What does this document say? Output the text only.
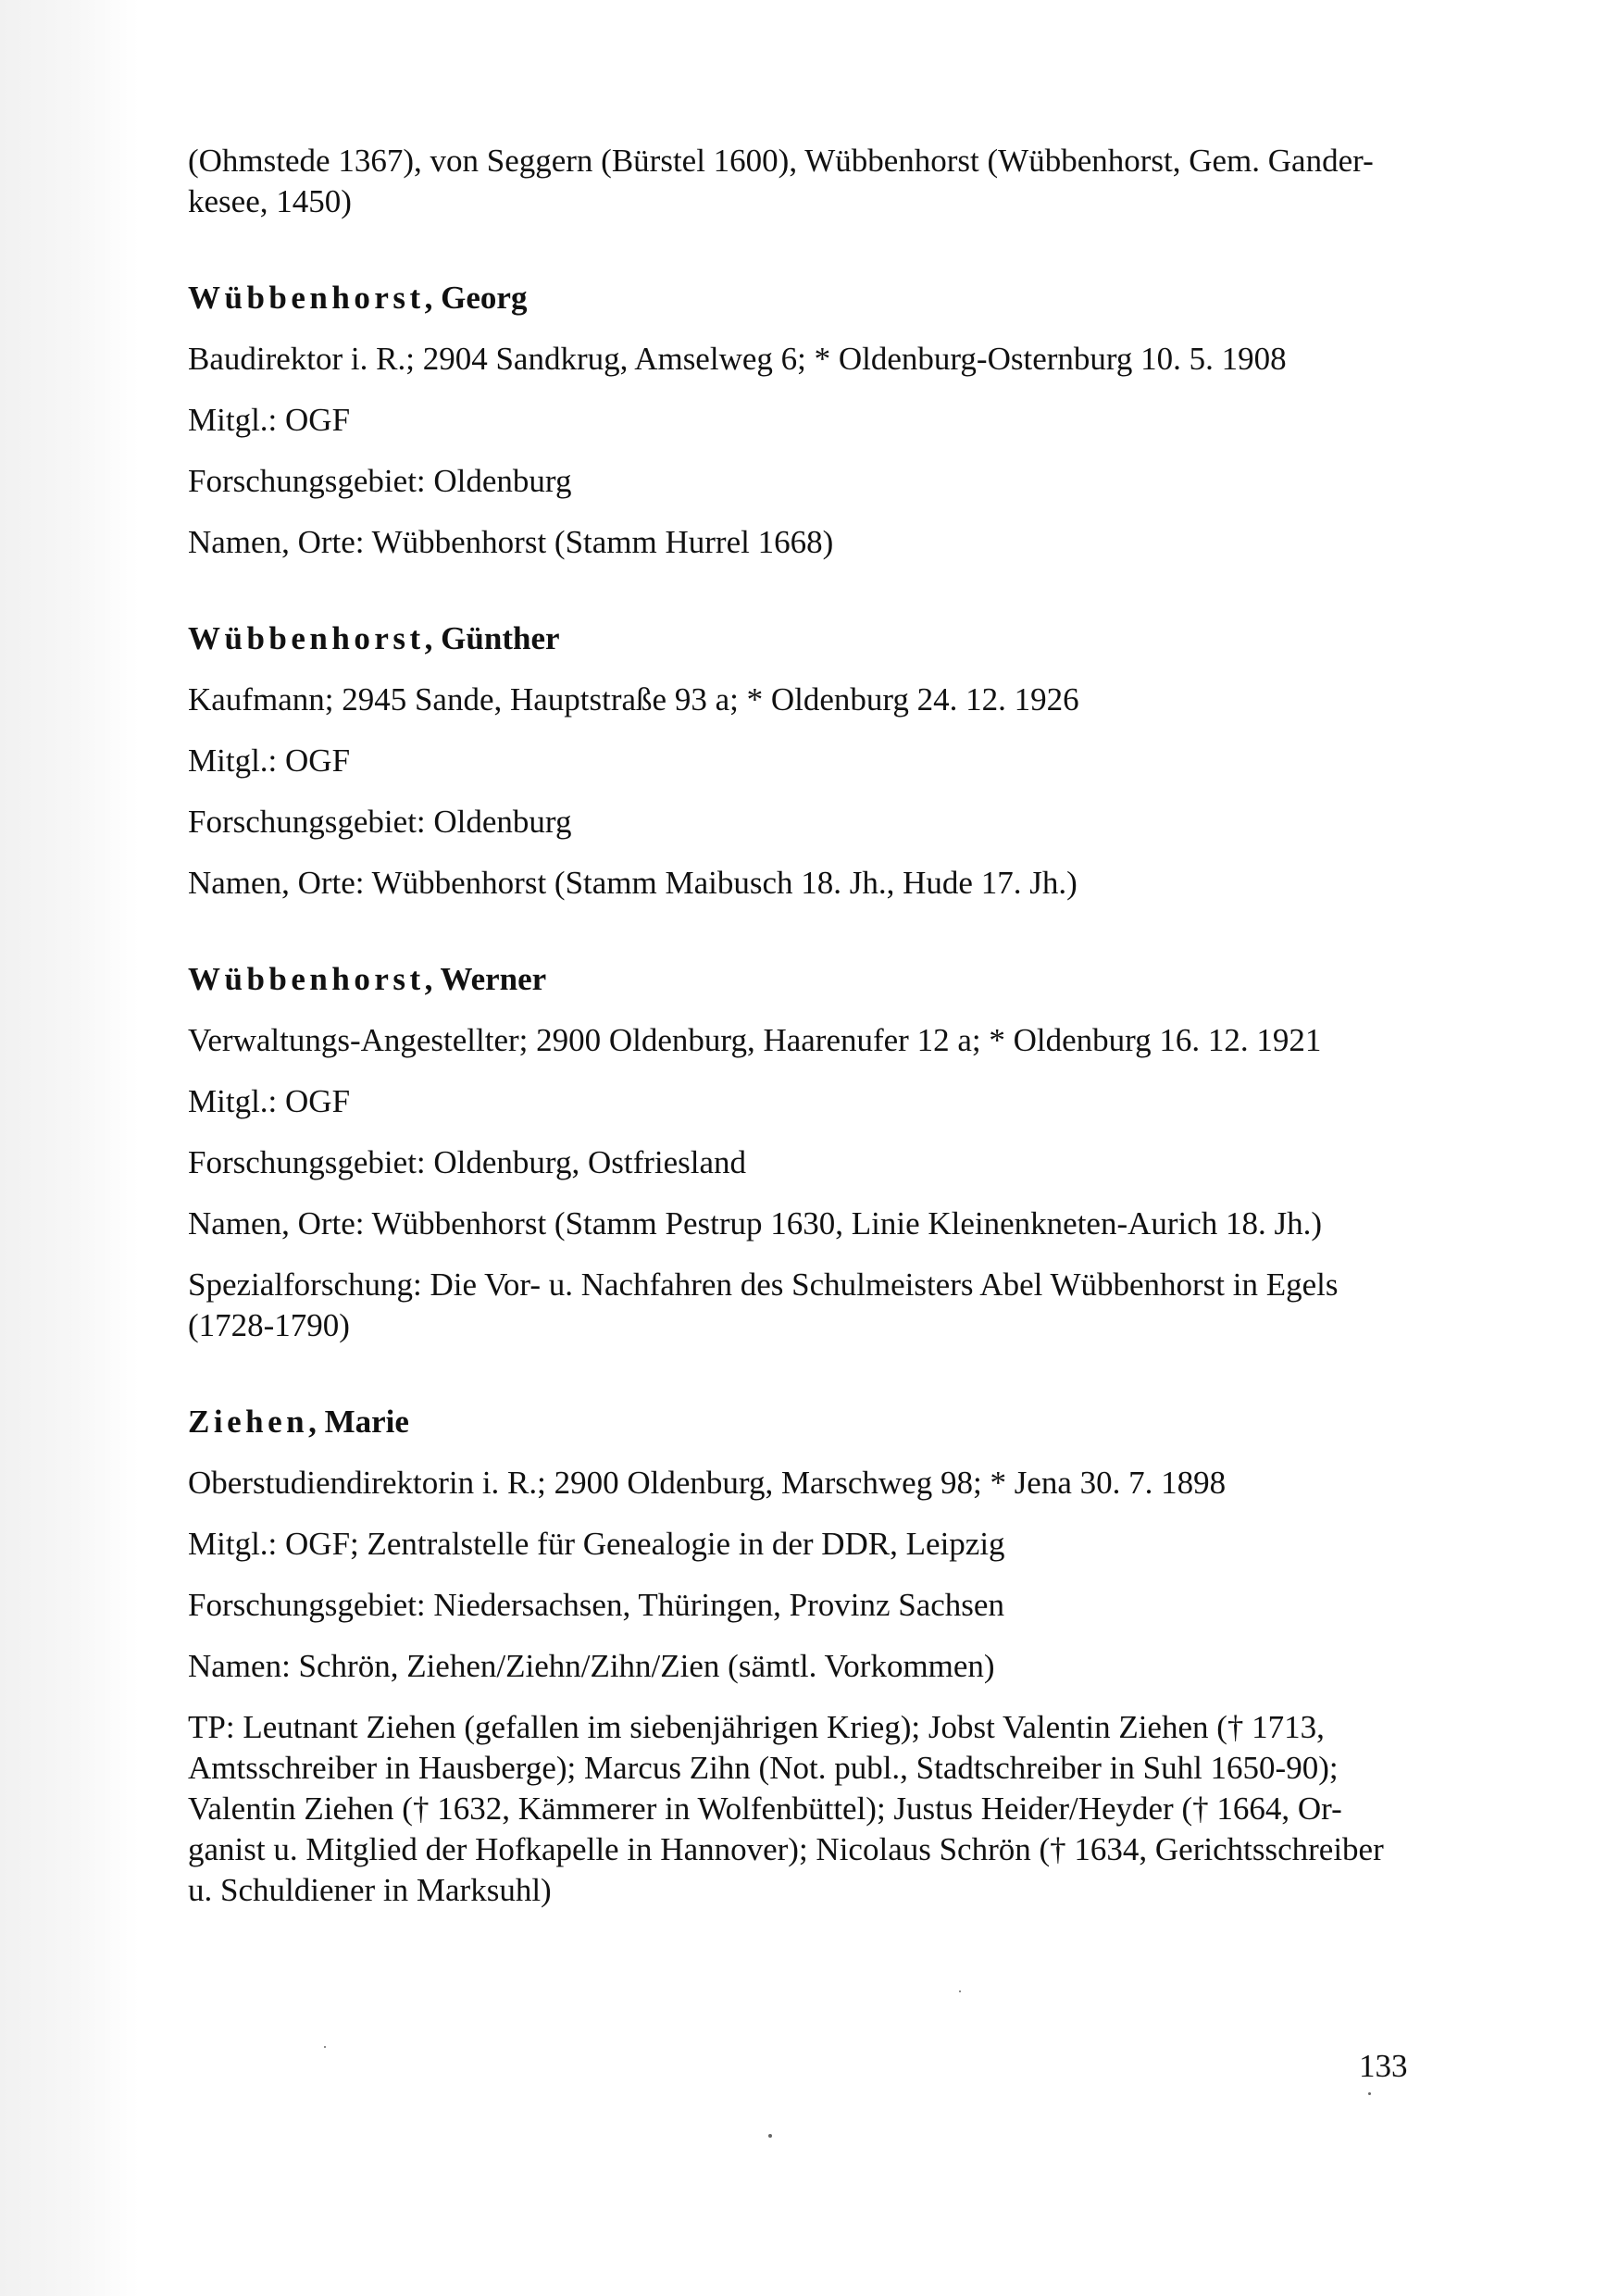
(Ohmstede 1367), von Seggern (Bürstel 1600), Wübbenhorst (Wübbenhorst, Gem. Gander-

kesee, 1450)

Wübbenhorst, Georg

Baudirektor i. R.; 2904 Sandkrug, Amselweg 6; * Oldenburg-Osternburg 10. 5. 1908

Mitgl.: OGF

Forschungsgebiet: Oldenburg

Namen, Orte: Wübbenhorst (Stamm Hurrel 1668)

Wübbenhorst, Günther

Kaufmann; 2945 Sande, Hauptstraße 93 a; * Oldenburg 24. 12. 1926

Mitgl.: OGF

Forschungsgebiet: Oldenburg

Namen, Orte: Wübbenhorst (Stamm Maibusch 18. Jh., Hude 17. Jh.)

Wübbenhorst, Werner

Verwaltungs-Angestellter; 2900 Oldenburg, Haarenufer 12 a; * Oldenburg 16. 12. 1921

Mitgl.: OGF

Forschungsgebiet: Oldenburg, Ostfriesland

Namen, Orte: Wübbenhorst (Stamm Pestrup 1630, Linie Kleinenkneten-Aurich 18. Jh.)

Spezialforschung: Die Vor- u. Nachfahren des Schulmeisters Abel Wübbenhorst in Egels

(1728-1790)

Ziehen, Marie

Oberstudiendirektorin i. R.; 2900 Oldenburg, Marschweg 98; * Jena 30. 7. 1898

Mitgl.: OGF; Zentralstelle für Genealogie in der DDR, Leipzig

Forschungsgebiet: Niedersachsen, Thüringen, Provinz Sachsen

Namen: Schrön, Ziehen/Ziehn/Zihn/Zien (sämtl. Vorkommen)

TP: Leutnant Ziehen (gefallen im siebenjährigen Krieg); Jobst Valentin Ziehen († 1713,

Amtsschreiber in Hausberge); Marcus Zihn (Not. publ., Stadtschreiber in Suhl 1650-90);

Valentin Ziehen († 1632, Kämmerer in Wolfenbüttel); Justus Heider/Heyder († 1664, Or-

ganist u. Mitglied der Hofkapelle in Hannover); Nicolaus Schrön († 1634, Gerichtsschreiber

u. Schuldiener in Marksuhl)

133
